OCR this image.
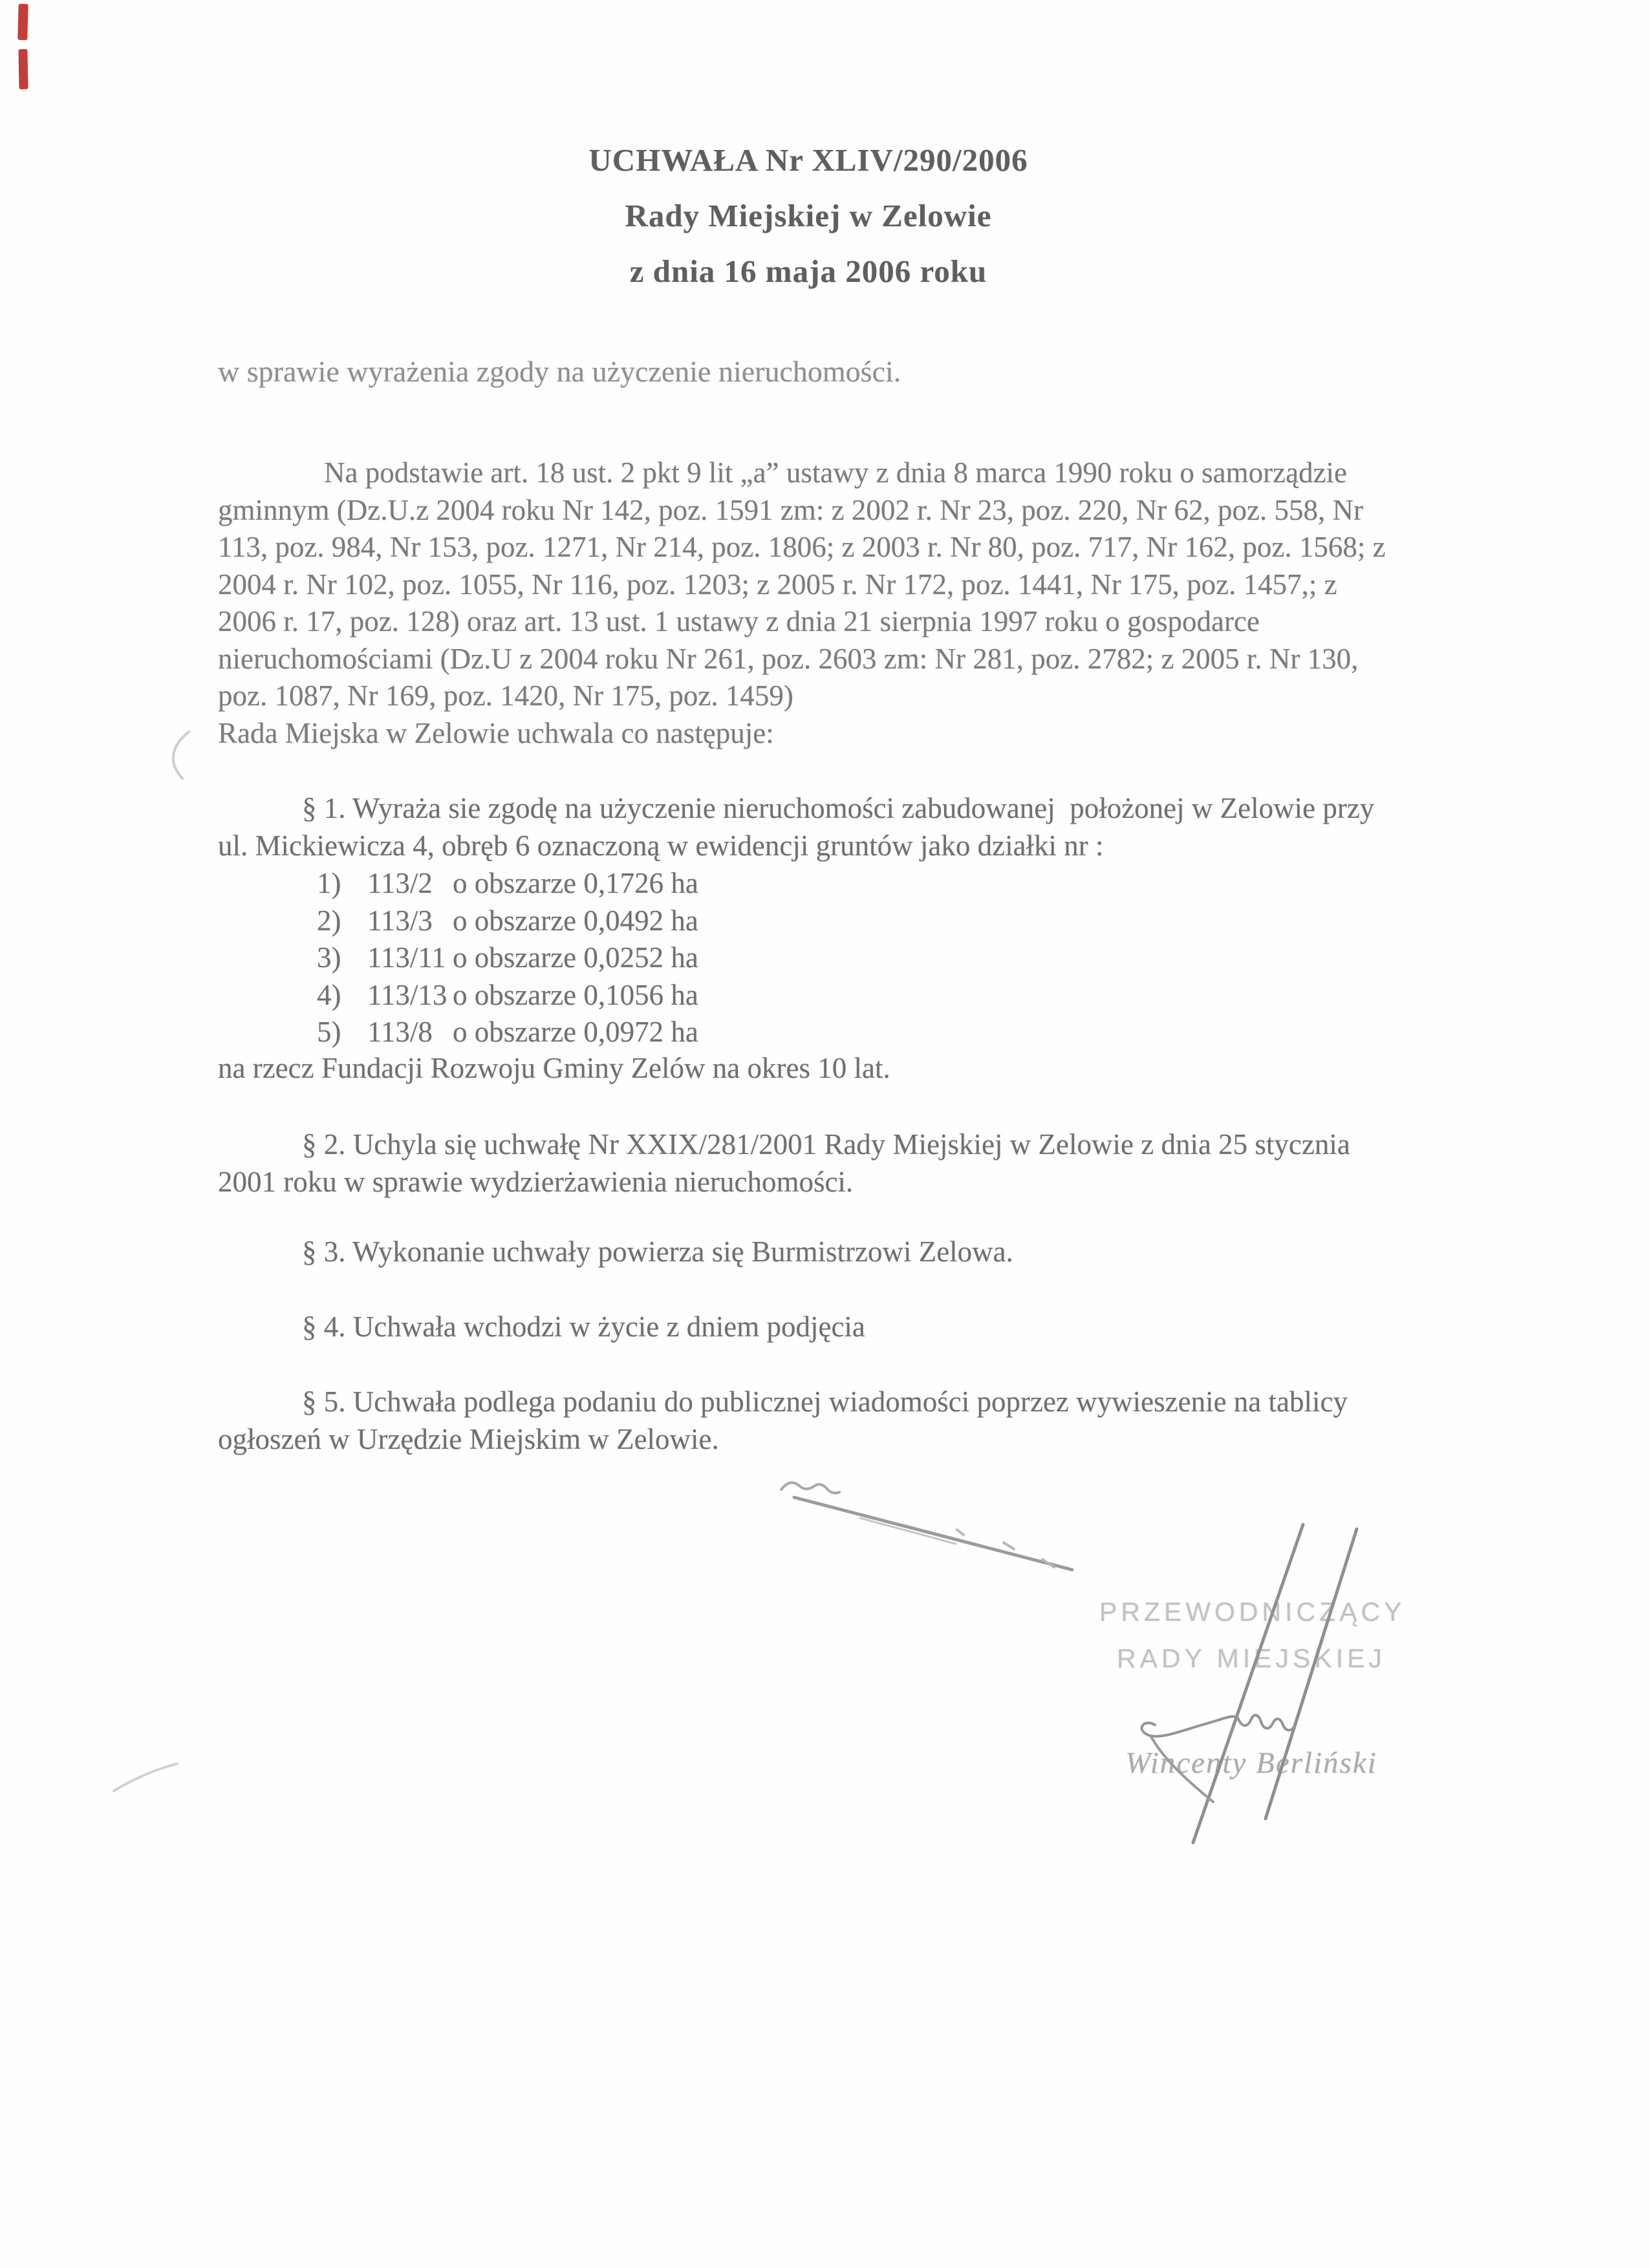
UCHWAŁA Nr XLIV/290/2006
Rady Miejskiej w Zelowie
z dnia 16 maja 2006 roku
w sprawie wyrażenia zgody na użyczenie nieruchomości.
Na podstawie art. 18 ust. 2 pkt 9 lit „a” ustawy z dnia 8 marca 1990 roku o samorządzie
gminnym (Dz.U.z 2004 roku Nr 142, poz. 1591 zm: z 2002 r. Nr 23, poz. 220, Nr 62, poz. 558, Nr
113, poz. 984, Nr 153, poz. 1271, Nr 214, poz. 1806; z 2003 r. Nr 80, poz. 717, Nr 162, poz. 1568; z
2004 r. Nr 102, poz. 1055, Nr 116, poz. 1203; z 2005 r. Nr 172, poz. 1441, Nr 175, poz. 1457,; z
2006 r. 17, poz. 128) oraz art. 13 ust. 1 ustawy z dnia 21 sierpnia 1997 roku o gospodarce
nieruchomościami (Dz.U z 2004 roku Nr 261, poz. 2603 zm: Nr 281, poz. 2782; z 2005 r. Nr 130,
poz. 1087, Nr 169, poz. 1420, Nr 175, poz. 1459)
Rada Miejska w Zelowie uchwala co następuje:
§ 1. Wyraża sie zgodę na użyczenie nieruchomości zabudowanej  położonej w Zelowie przy
ul. Mickiewicza 4, obręb 6 oznaczoną w ewidencji gruntów jako działki nr :
1) 113/2 o obszarze 0,1726 ha
2) 113/3 o obszarze 0,0492 ha
3) 113/11 o obszarze 0,0252 ha
4) 113/13 o obszarze 0,1056 ha
5) 113/8 o obszarze 0,0972 ha
na rzecz Fundacji Rozwoju Gminy Zelów na okres 10 lat.
§ 2. Uchyla się uchwałę Nr XXIX/281/2001 Rady Miejskiej w Zelowie z dnia 25 stycznia
2001 roku w sprawie wydzierżawienia nieruchomości.
§ 3. Wykonanie uchwały powierza się Burmistrzowi Zelowa.
§ 4. Uchwała wchodzi w życie z dniem podjęcia
§ 5. Uchwała podlega podaniu do publicznej wiadomości poprzez wywieszenie na tablicy
ogłoszeń w Urzędzie Miejskim w Zelowie.
PRZEWODNICZĄCY
RADY MIEJSKIEJ
Wincenty Berliński
